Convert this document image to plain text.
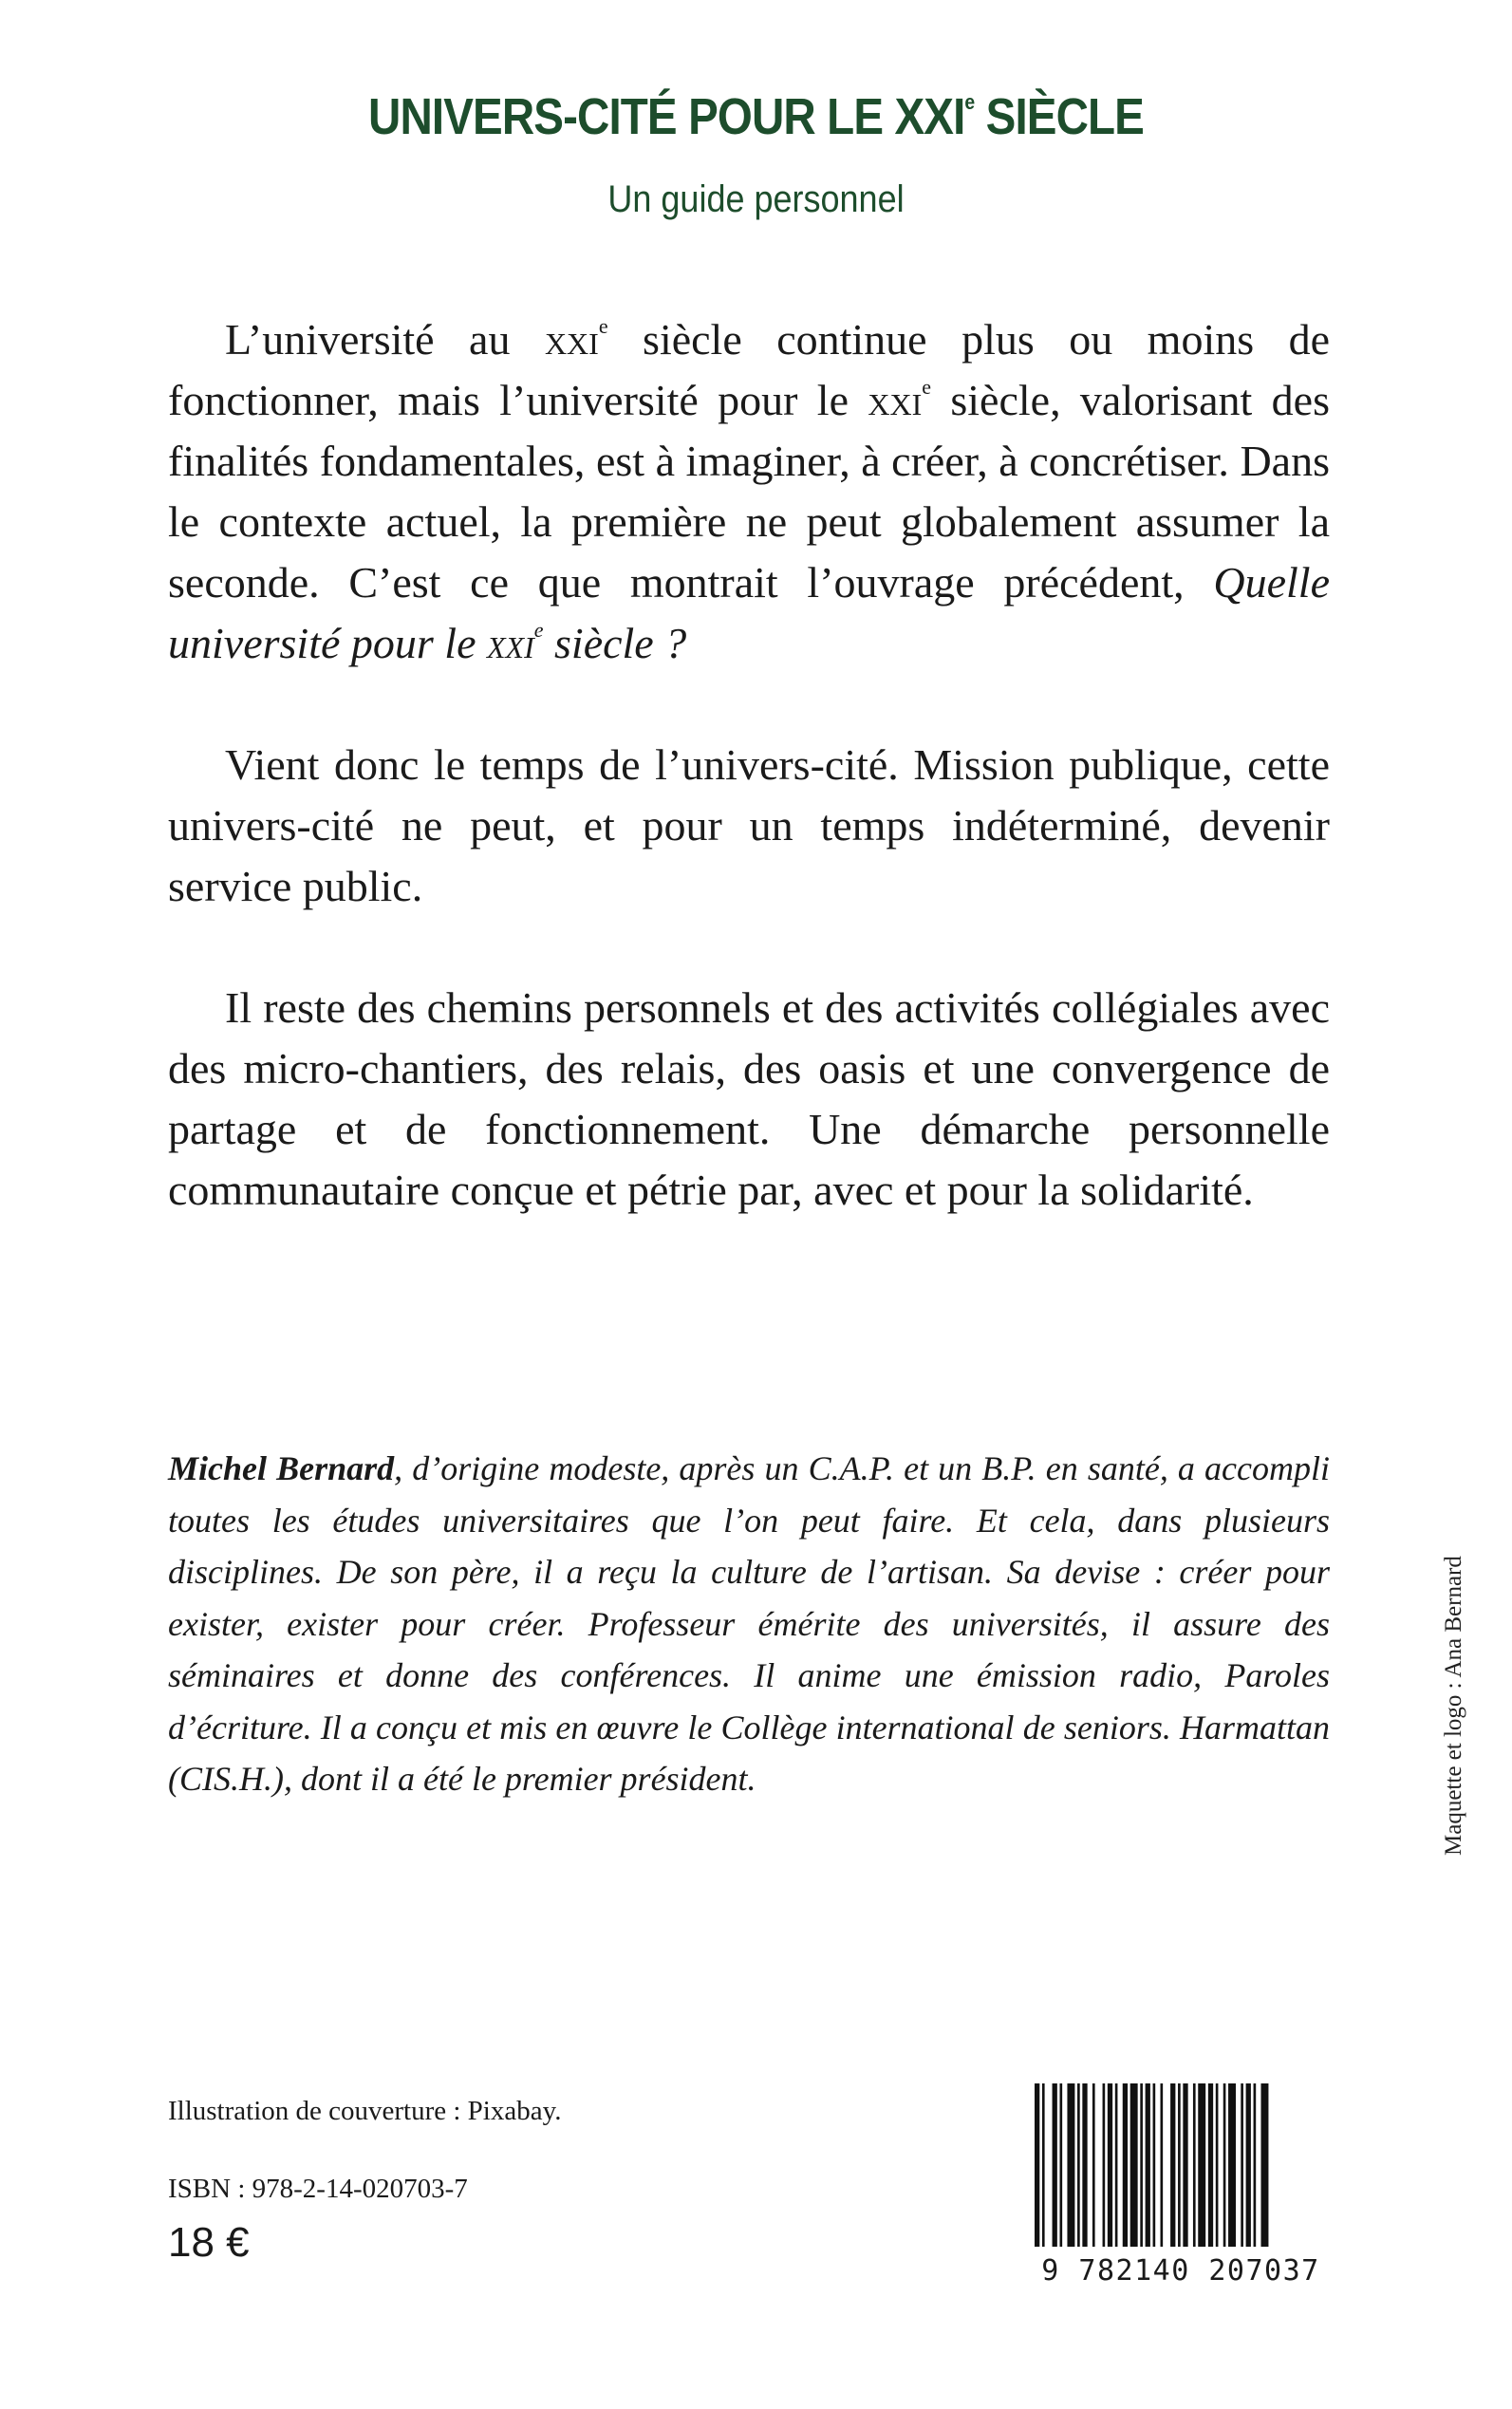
UNIVERS-CITÉ POUR LE XXIe SIÈCLE
Un guide personnel

L’université au xxi$^e$ siècle continue plus ou moins de fonctionner, mais l’université pour le xxi$^e$ siècle, valorisant des finalités fondamentales, est à imaginer, à créer, à concrétiser. Dans le contexte actuel, la première ne peut globalement assumer la seconde. C’est ce que montrait l’ouvrage précédent, Quelle université pour le xxi$^e$ siècle ?

Vient donc le temps de l’univers-cité. Mission publique, cette univers-cité ne peut, et pour un temps indéterminé, devenir service public.

Il reste des chemins personnels et des activités collégiales avec des micro-chantiers, des relais, des oasis et une convergence de partage et de fonctionnement. Une démarche personnelle communautaire conçue et pétrie par, avec et pour la solidarité.

Michel Bernard, d’origine modeste, après un C.A.P. et un B.P. en santé, a accompli toutes les études universitaires que l’on peut faire. Et cela, dans plusieurs disciplines. De son père, il a reçu la culture de l’artisan. Sa devise : créer pour exister, exister pour créer. Professeur émérite des universités, il assure des séminaires et donne des conférences. Il anime une émission radio, Paroles d’écriture. Il a conçu et mis en œuvre le Collège international de seniors. Harmattan (CIS.H.), dont il a été le premier président.	Maquette et logo : Ana Bernard
Illustration de couverture : Pixabay.
ISBN : 978-2-14-020703-7
18 €
9 782140 207037
